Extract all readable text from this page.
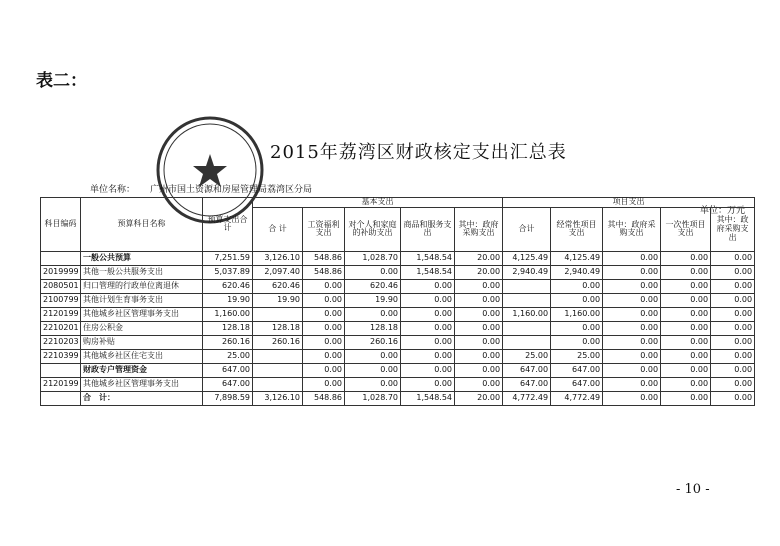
表二：
2015年荔湾区财政核定支出汇总表
单位名称： 广州市国土资源和房屋管理局荔湾区分局
单位：万元
科目编码	预算科目名称	预算支出合计	基本支出					项目支出				
			合 计	工资福利支出	对个人和家庭的补助支出	商品和服务支出	其中：政府采购支出	合计	经常性项目支出	其中：政府采购支出	一次性项目支出	其中：政府采购支出
	一般公共预算	7,251.59	3,126.10	548.86	1,028.70	1,548.54	20.00	4,125.49	4,125.49	0.00	0.00	0.00
2019999	其他一般公共服务支出	5,037.89	2,097.40	548.86	0.00	1,548.54	20.00	2,940.49	2,940.49	0.00	0.00	0.00
2080501	归口管理的行政单位离退休	620.46	620.46	0.00	620.46	0.00	0.00		0.00	0.00	0.00	0.00
2100799	其他计划生育事务支出	19.90	19.90	0.00	19.90	0.00	0.00		0.00	0.00	0.00	0.00
2120199	其他城乡社区管理事务支出	1,160.00		0.00	0.00	0.00	0.00	1,160.00	1,160.00	0.00	0.00	0.00
2210201	住房公积金	128.18	128.18	0.00	128.18	0.00	0.00		0.00	0.00	0.00	0.00
2210203	购房补贴	260.16	260.16	0.00	260.16	0.00	0.00		0.00	0.00	0.00	0.00
2210399	其他城乡社区住宅支出	25.00		0.00	0.00	0.00	0.00	25.00	25.00	0.00	0.00	0.00
	财政专户管理资金	647.00		0.00	0.00	0.00	0.00	647.00	647.00	0.00	0.00	0.00
2120199	其他城乡社区管理事务支出	647.00		0.00	0.00	0.00	0.00	647.00	647.00	0.00	0.00	0.00
	合　计：	7,898.59	3,126.10	548.86	1,028.70	1,548.54	20.00	4,772.49	4,772.49	0.00	0.00	0.00
- 10 -
